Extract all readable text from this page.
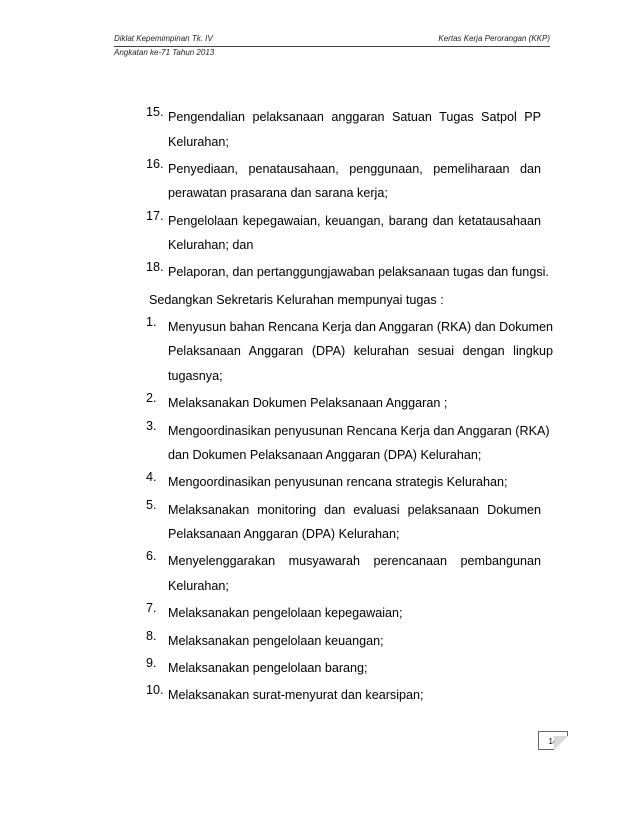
Diklat Kepemimpinan Tk. IV	Kertas Kerja Perorangan (KKP)
Angkatan ke-71 Tahun 2013
15. Pengendalian pelaksanaan anggaran Satuan Tugas Satpol PP
Kelurahan;
16. Penyediaan, penatausahaan, penggunaan, pemeliharaan dan
perawatan prasarana dan sarana kerja;
17. Pengelolaan kepegawaian, keuangan, barang dan ketatausahaan
Kelurahan; dan
18. Pelaporan, dan pertanggungjawaban pelaksanaan tugas dan fungsi.
Sedangkan Sekretaris Kelurahan mempunyai tugas :
1. Menyusun bahan Rencana Kerja dan Anggaran (RKA) dan Dokumen
Pelaksanaan Anggaran (DPA) kelurahan sesuai dengan lingkup
tugasnya;
2. Melaksanakan Dokumen Pelaksanaan Anggaran ;
3. Mengoordinasikan penyusunan Rencana Kerja dan Anggaran (RKA)
dan Dokumen Pelaksanaan Anggaran (DPA) Kelurahan;
4. Mengoordinasikan penyusunan rencana strategis Kelurahan;
5. Melaksanakan monitoring dan evaluasi pelaksanaan Dokumen
Pelaksanaan Anggaran (DPA) Kelurahan;
6. Menyelenggarakan musyawarah perencanaan pembangunan
Kelurahan;
7. Melaksanakan pengelolaan kepegawaian;
8. Melaksanakan pengelolaan keuangan;
9. Melaksanakan pengelolaan barang;
10. Melaksanakan surat-menyurat dan kearsipan;
14
